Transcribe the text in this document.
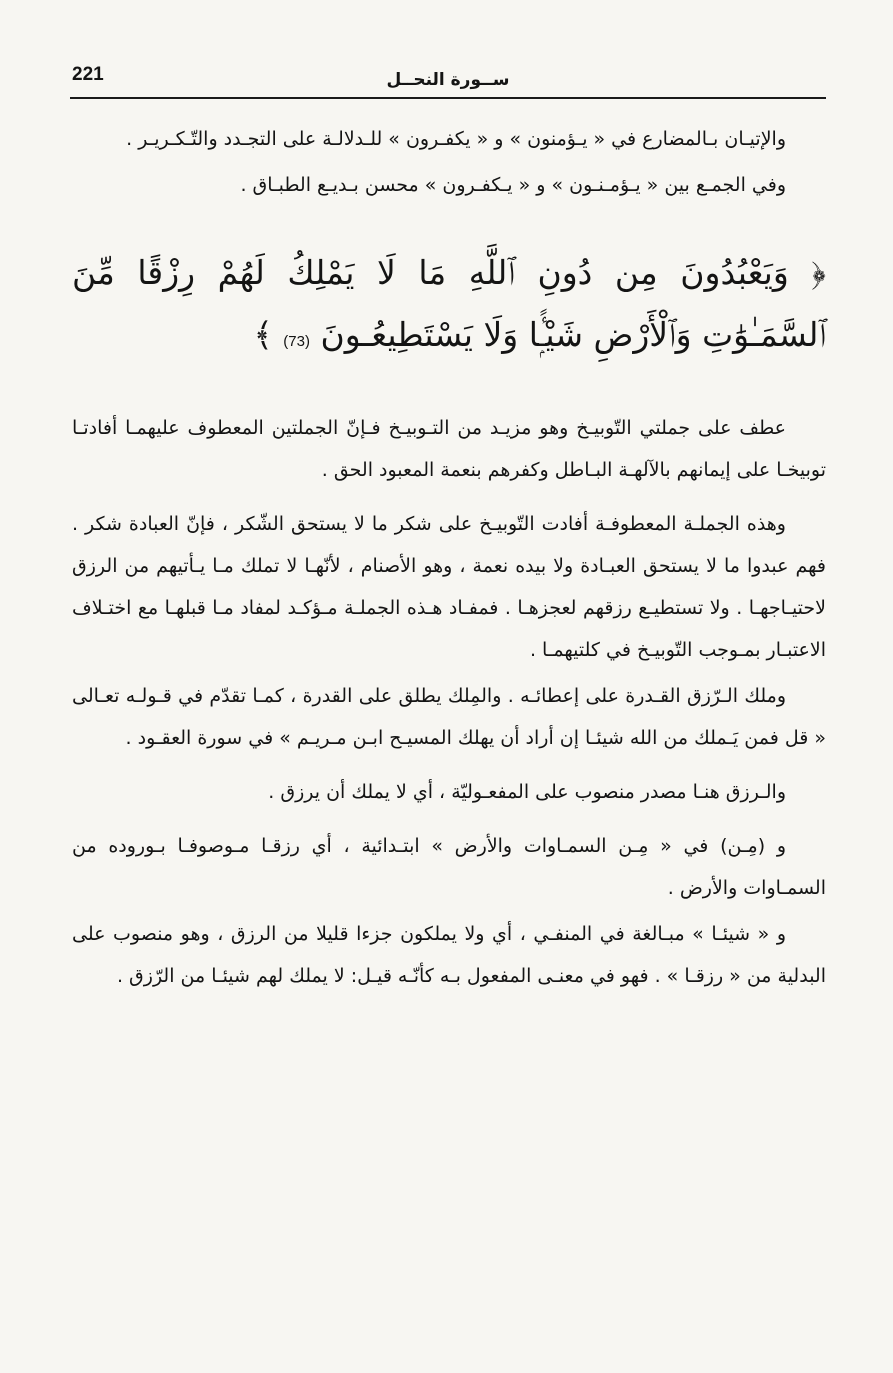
221	ســورة النحــل

والإتيـان بـالمضارع في « يـؤمنون » و « يكفـرون » للـدلالـة على التجـدد والتّـكـريـر .

وفي الجمـع بين « يـؤمـنـون » و « يـكفـرون » محسن بـديـع الطبـاق .

﴿ وَيَعْبُدُونَ مِن دُونِ ٱللَّهِ مَا لَا يَمْلِكُ لَهُمْ رِزْقًا مِّنَ ٱلسَّمَـٰوَٰتِ وَٱلْأَرْضِ شَيْـًۭٔا وَلَا يَسْتَطِيعُـونَ (73) ﴾

عطف على جملتي التّوبيـخ وهو مزيـد من التـوبيـخ فـإنّ الجملتين المعطوف عليهمـا أفادتـا توبيخـا على إيمانهم بالآلهـة البـاطل وكفرهم بنعمة المعبود الحق .

وهذه الجملـة المعطوفـة أفادت التّوبيـخ على شكر ما لا يستحق الشّكر ، فإنّ العبادة شكر . فهم عبدوا ما لا يستحق العبـادة ولا بيده نعمة ، وهو الأصنام ، لأنّهـا لا تملك مـا يـأتيهم من الرزق لاحتيـاجهـا . ولا تستطيـع رزقهم لعجزهـا . فمفـاد هـذه الجملـة مـؤكـد لمفاد مـا قبلهـا مع اختـلاف الاعتبـار بمـوجب التّوبيـخ في كلتيهمـا .

وملك الـرّزق القـدرة على إعطائـه . والمِلك يطلق على القدرة ، كمـا تقدّم في قـولـه تعـالى « قل فمن يَـملك من الله شيئـا إن أراد أن يهلك المسيـح ابـن مـريـم » في سورة العقـود .

والـرزق هنـا مصدر منصوب على المفعـوليّة ، أي لا يملك أن يرزق .

و (مِـن) في « مِـن السمـاوات والأرض » ابتـدائية ، أي رزقـا مـوصوفـا بـوروده من السمـاوات والأرض .

و « شيئـا » مبـالغة في المنفـي ، أي ولا يملكون جزءا قليلا من الرزق ، وهو منصوب على البدلية من « رزقـا » . فهو في معنـى المفعول بـه كأنّـه قيـل: لا يملك لهم شيئـا من الرّزق .
